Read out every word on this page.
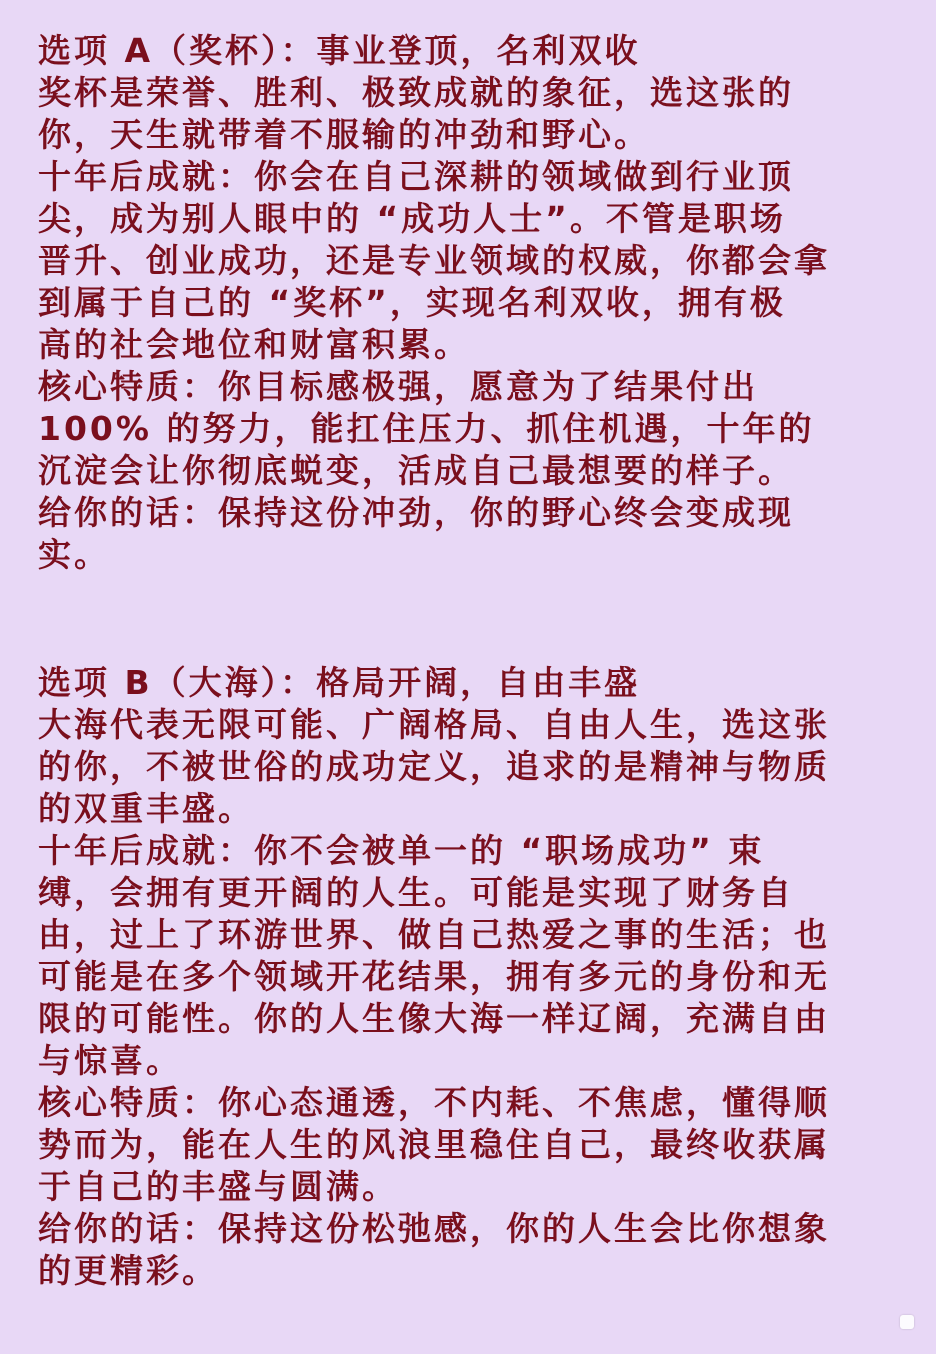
选项 A（奖杯）：事业登顶，名利双收
奖杯是荣誉、胜利、极致成就的象征，选这张的
你，天生就带着不服输的冲劲和野心。
十年后成就：你会在自己深耕的领域做到行业顶
尖，成为别人眼中的 “成功人士”。不管是职场
晋升、创业成功，还是专业领域的权威，你都会拿
到属于自己的 “奖杯”，实现名利双收，拥有极
高的社会地位和财富积累。
核心特质：你目标感极强，愿意为了结果付出
100% 的努力，能扛住压力、抓住机遇，十年的
沉淀会让你彻底蜕变，活成自己最想要的样子。
给你的话：保持这份冲劲，你的野心终会变成现
实。
选项 B（大海）：格局开阔，自由丰盛
大海代表无限可能、广阔格局、自由人生，选这张
的你，不被世俗的成功定义，追求的是精神与物质
的双重丰盛。
十年后成就：你不会被单一的 “职场成功” 束
缚，会拥有更开阔的人生。可能是实现了财务自
由，过上了环游世界、做自己热爱之事的生活；也
可能是在多个领域开花结果，拥有多元的身份和无
限的可能性。你的人生像大海一样辽阔，充满自由
与惊喜。
核心特质：你心态通透，不内耗、不焦虑，懂得顺
势而为，能在人生的风浪里稳住自己，最终收获属
于自己的丰盛与圆满。
给你的话：保持这份松弛感，你的人生会比你想象
的更精彩。
